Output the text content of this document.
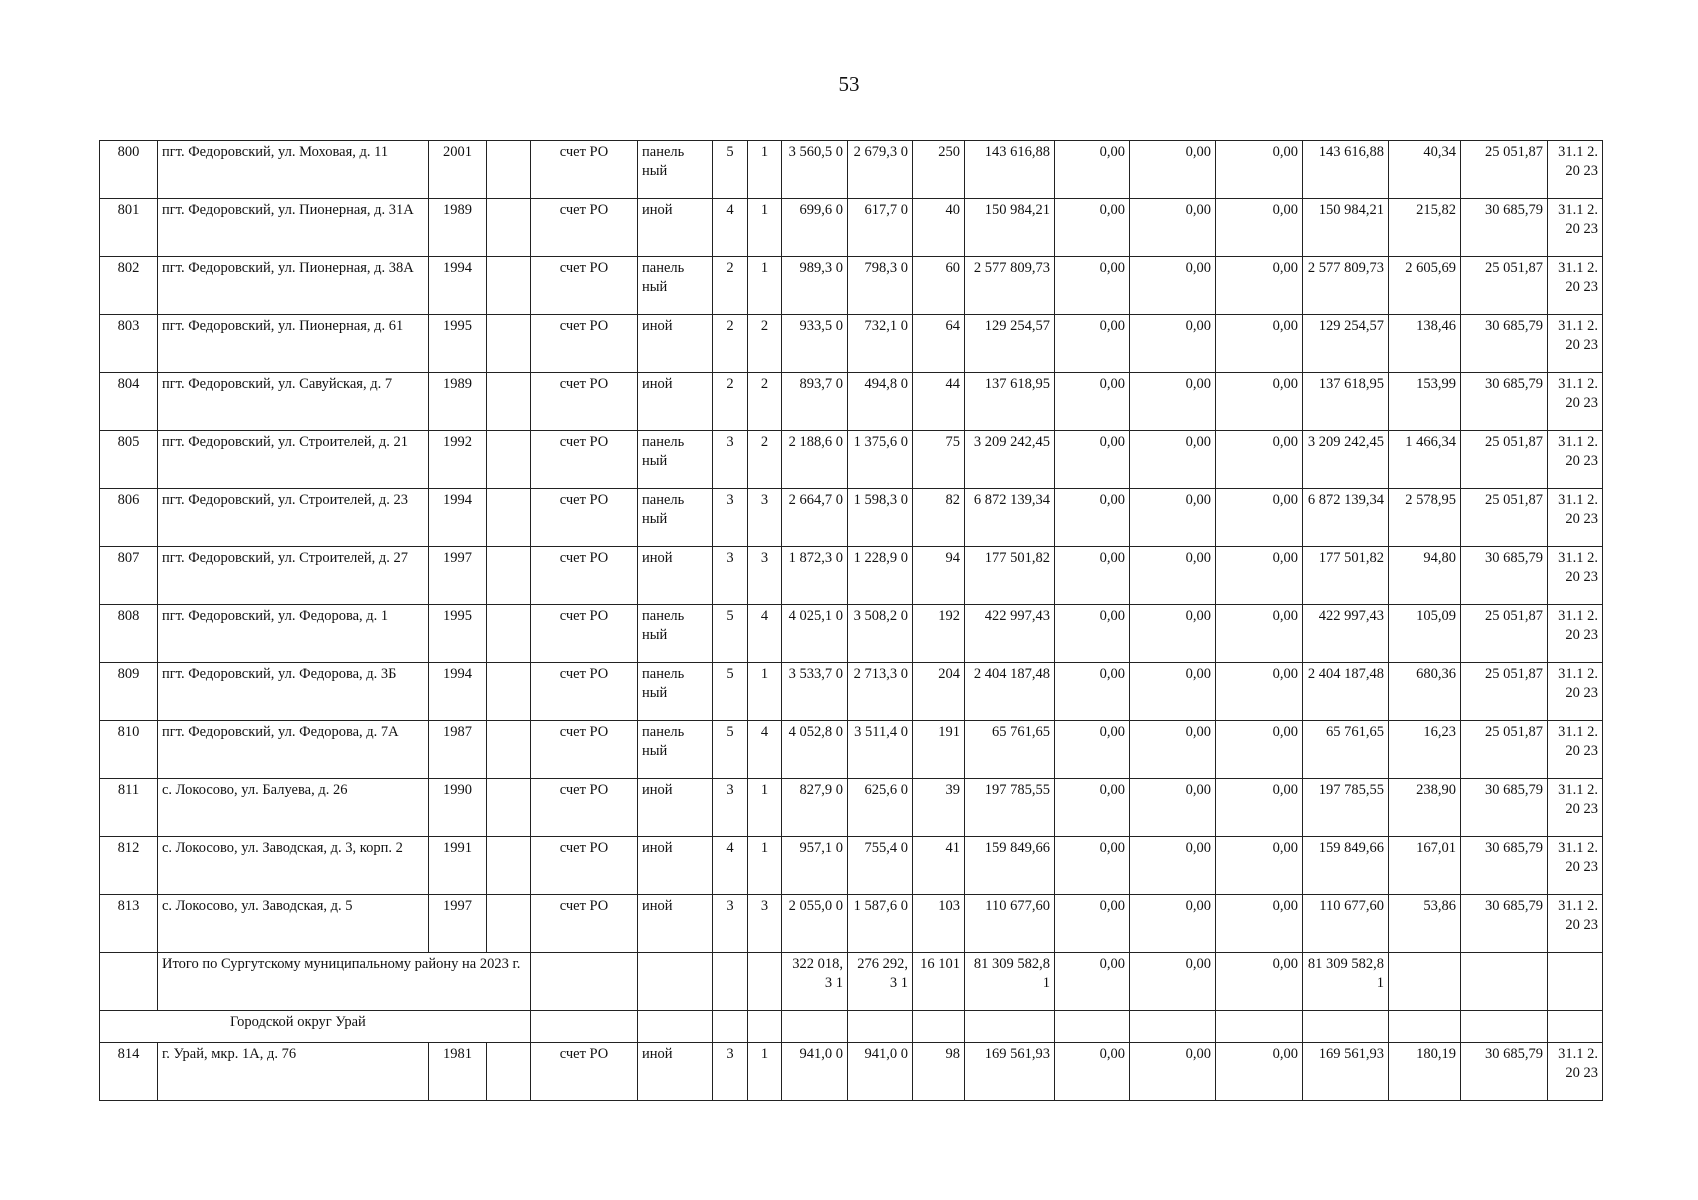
53
800	пгт. Федоровский, ул. Моховая, д. 11	2001		счет РО	панель ный	5	1	3 560,5 0	2 679,3 0	250	143 616,88	0,00	0,00	0,00	143 616,88	40,34	25 051,87	31.1 2.20 23
801	пгт. Федоровский, ул. Пионерная, д. 31А	1989		счет РО	иной	4	1	699,6 0	617,7 0	40	150 984,21	0,00	0,00	0,00	150 984,21	215,82	30 685,79	31.1 2.20 23
802	пгт. Федоровский, ул. Пионерная, д. 38А	1994		счет РО	панель ный	2	1	989,3 0	798,3 0	60	2 577 809,73	0,00	0,00	0,00	2 577 809,73	2 605,69	25 051,87	31.1 2.20 23
803	пгт. Федоровский, ул. Пионерная, д. 61	1995		счет РО	иной	2	2	933,5 0	732,1 0	64	129 254,57	0,00	0,00	0,00	129 254,57	138,46	30 685,79	31.1 2.20 23
804	пгт. Федоровский, ул. Савуйская, д. 7	1989		счет РО	иной	2	2	893,7 0	494,8 0	44	137 618,95	0,00	0,00	0,00	137 618,95	153,99	30 685,79	31.1 2.20 23
805	пгт. Федоровский, ул. Строителей, д. 21	1992		счет РО	панель ный	3	2	2 188,6 0	1 375,6 0	75	3 209 242,45	0,00	0,00	0,00	3 209 242,45	1 466,34	25 051,87	31.1 2.20 23
806	пгт. Федоровский, ул. Строителей, д. 23	1994		счет РО	панель ный	3	3	2 664,7 0	1 598,3 0	82	6 872 139,34	0,00	0,00	0,00	6 872 139,34	2 578,95	25 051,87	31.1 2.20 23
807	пгт. Федоровский, ул. Строителей, д. 27	1997		счет РО	иной	3	3	1 872,3 0	1 228,9 0	94	177 501,82	0,00	0,00	0,00	177 501,82	94,80	30 685,79	31.1 2.20 23
808	пгт. Федоровский, ул. Федорова, д. 1	1995		счет РО	панель ный	5	4	4 025,1 0	3 508,2 0	192	422 997,43	0,00	0,00	0,00	422 997,43	105,09	25 051,87	31.1 2.20 23
809	пгт. Федоровский, ул. Федорова, д. 3Б	1994		счет РО	панель ный	5	1	3 533,7 0	2 713,3 0	204	2 404 187,48	0,00	0,00	0,00	2 404 187,48	680,36	25 051,87	31.1 2.20 23
810	пгт. Федоровский, ул. Федорова, д. 7А	1987		счет РО	панель ный	5	4	4 052,8 0	3 511,4 0	191	65 761,65	0,00	0,00	0,00	65 761,65	16,23	25 051,87	31.1 2.20 23
811	с. Локосово, ул. Балуева, д. 26	1990		счет РО	иной	3	1	827,9 0	625,6 0	39	197 785,55	0,00	0,00	0,00	197 785,55	238,90	30 685,79	31.1 2.20 23
812	с. Локосово, ул. Заводская, д. 3, корп. 2	1991		счет РО	иной	4	1	957,1 0	755,4 0	41	159 849,66	0,00	0,00	0,00	159 849,66	167,01	30 685,79	31.1 2.20 23
813	с. Локосово, ул. Заводская, д. 5	1997		счет РО	иной	3	3	2 055,0 0	1 587,6 0	103	110 677,60	0,00	0,00	0,00	110 677,60	53,86	30 685,79	31.1 2.20 23
	Итого по Сургутскому муниципальному району на 2023 г.							322 018,3 1	276 292,3 1	16 101	81 309 582,81	0,00	0,00	0,00	81 309 582,81			
Городской округ Урай																		
814	г. Урай, мкр. 1А, д. 76	1981		счет РО	иной	3	1	941,0 0	941,0 0	98	169 561,93	0,00	0,00	0,00	169 561,93	180,19	30 685,79	31.1 2.20 23
